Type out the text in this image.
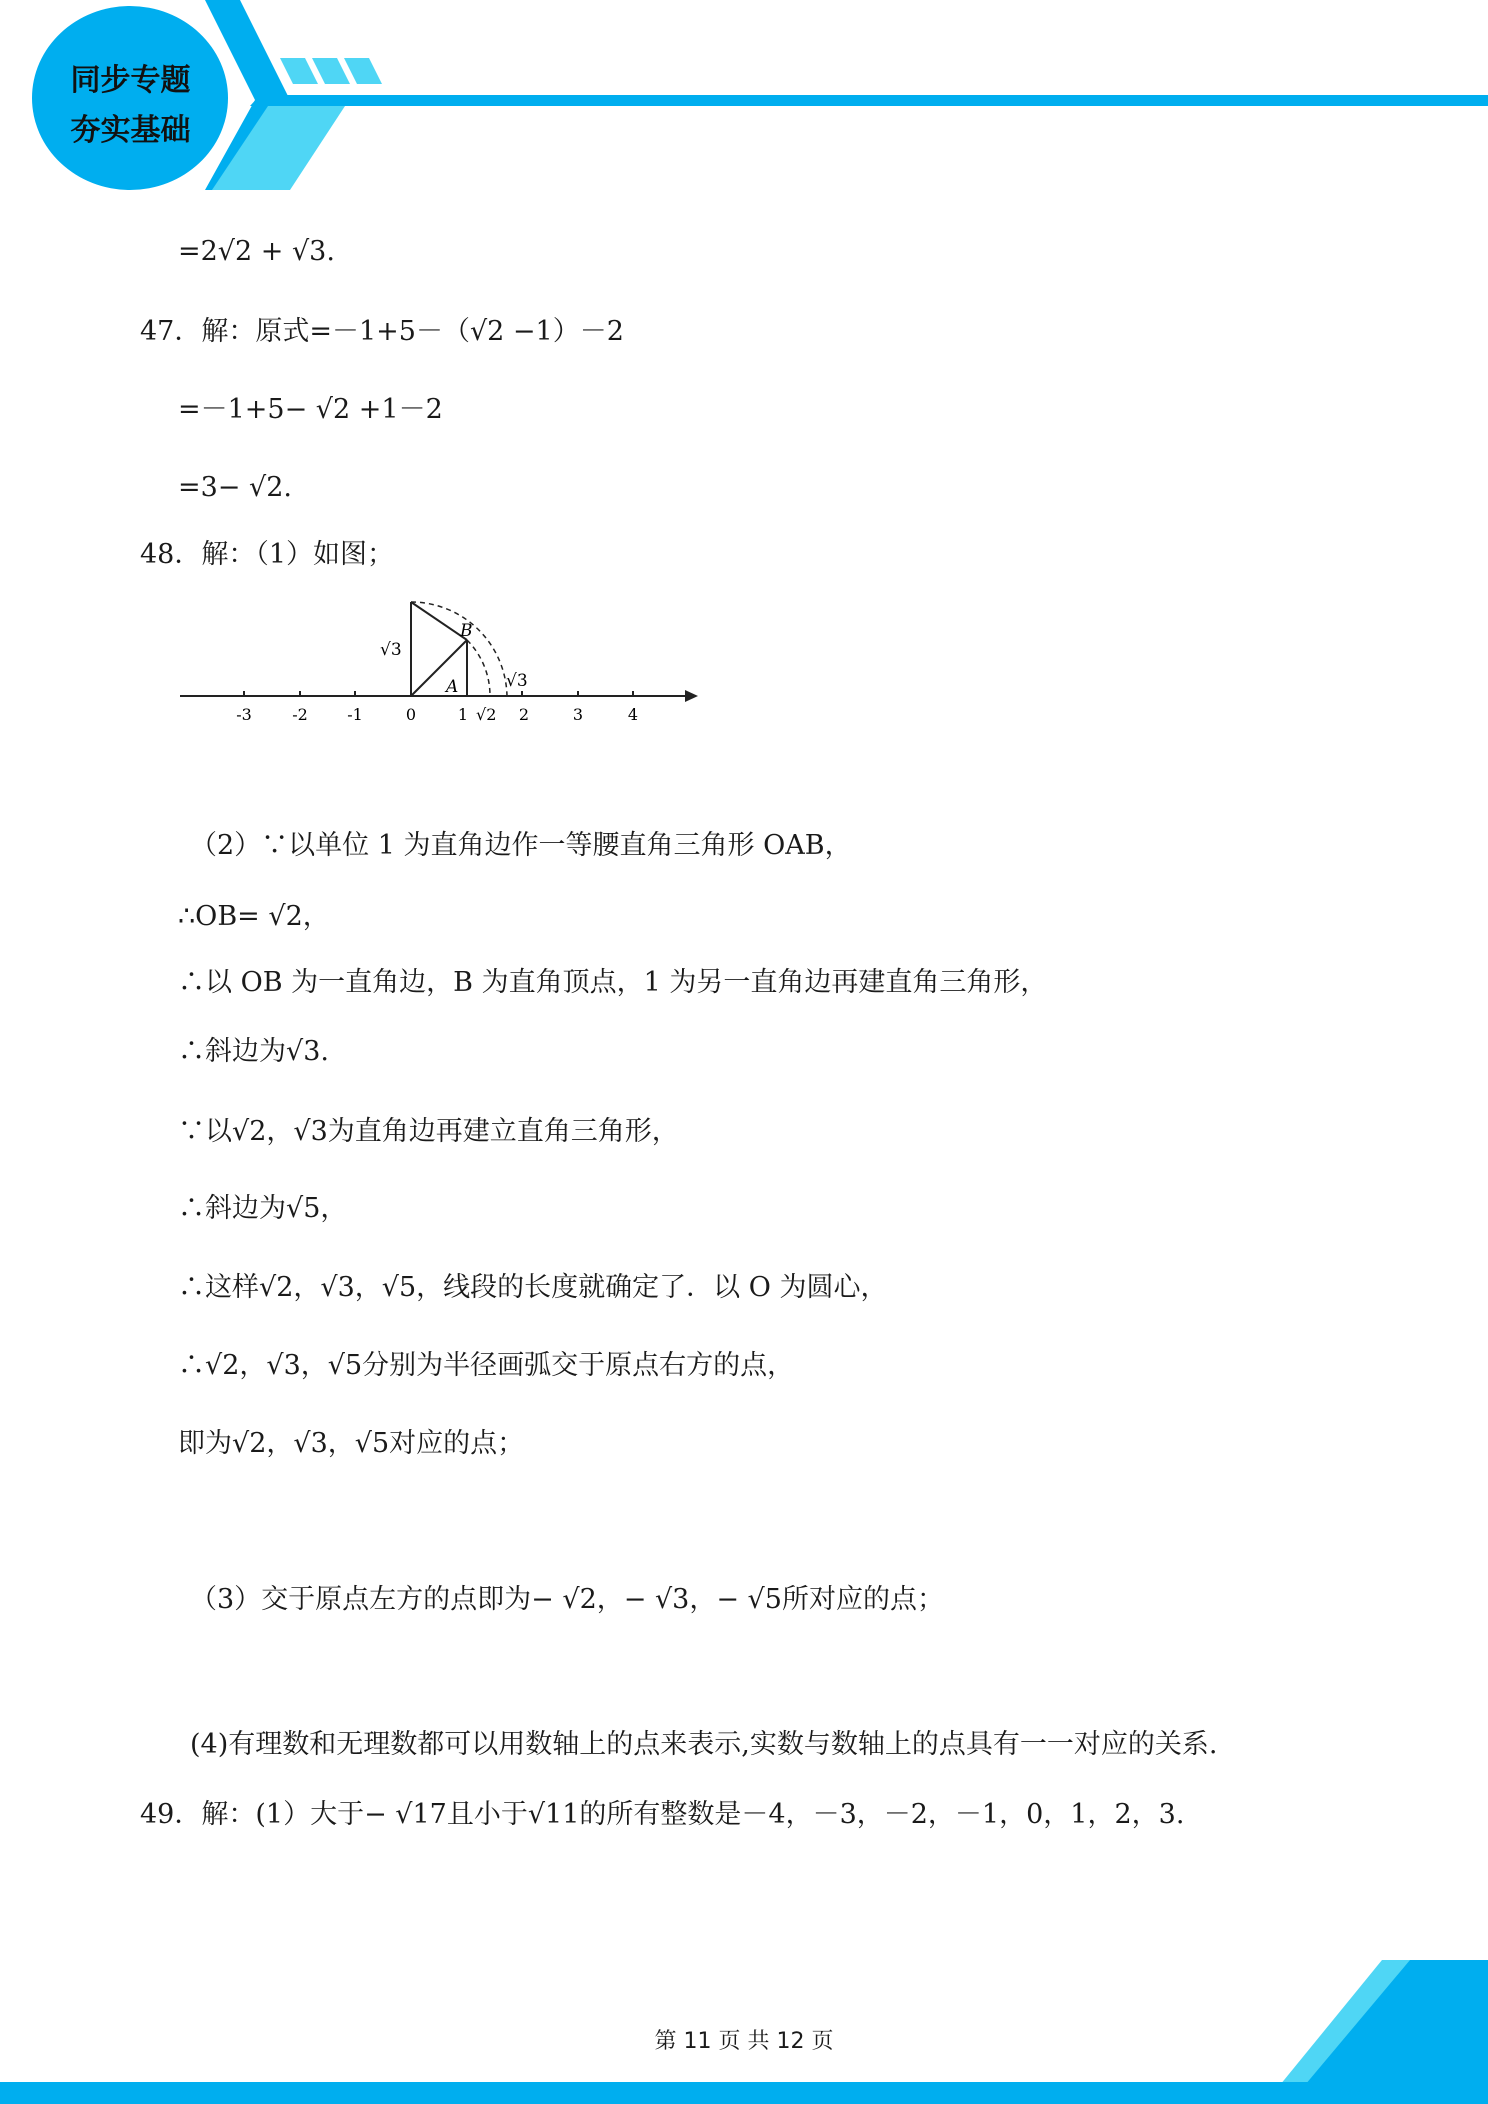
同步专题
夯实基础
=2√2 + √3.
47．解：原式=－1+5－（√2 −1）－2
=－1+5− √2 +1－2
=3− √2.
48．解：（1）如图；
-3	-2 -1	0	1	2	3	4
√3
B
A	√3
√2
（2）∵以单位 1 为直角边作一等腰直角三角形 OAB，
∴OB= √2，
∴以 OB 为一直角边，B 为直角顶点，1 为另一直角边再建直角三角形，
∴斜边为√3.
∵以√2，√3为直角边再建立直角三角形，
∴斜边为√5，
∴这样√2，√3，√5，线段的长度就确定了．以 O 为圆心，
∴√2，√3，√5分别为半径画弧交于原点右方的点，
即为√2，√3，√5对应的点；
（3）交于原点左方的点即为− √2，− √3，− √5所对应的点；
(4)有理数和无理数都可以用数轴上的点来表示,实数与数轴上的点具有一一对应的关系.
49．解：(1）大于− √17且小于√11的所有整数是－4，－3，－2，－1，0，1，2，3.
第 11 页 共 12 页
